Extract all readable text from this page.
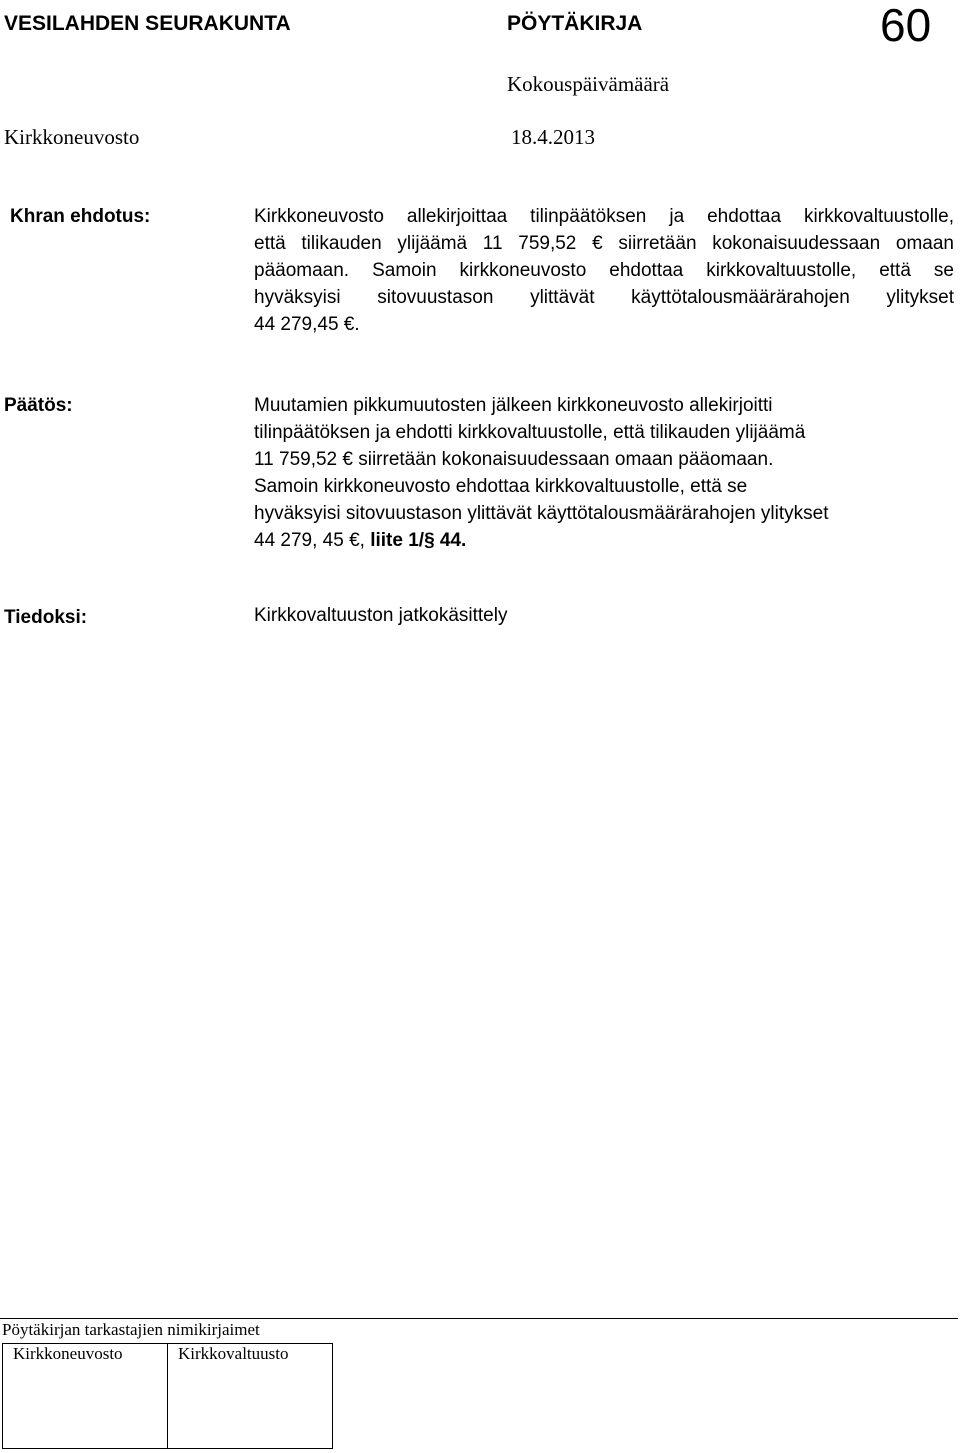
VESILAHDEN SEURAKUNTA	PÖYTÄKIRJA	60
Kokouspäivämäärä
Kirkkoneuvosto	18.4.2013
Khran ehdotus:	Kirkkoneuvosto allekirjoittaa tilinpäätöksen ja ehdottaa kirkkovaltuustolle,
että tilikauden ylijäämä 11 759,52 € siirretään kokonaisuudessaan omaan
pääomaan. Samoin kirkkoneuvosto ehdottaa kirkkovaltuustolle, että se
hyväksyisi sitovuustason ylittävät käyttötalousmäärärahojen ylitykset
44 279,45 €.
Päätös:	Muutamien pikkumuutosten jälkeen kirkkoneuvosto allekirjoitti
tilinpäätöksen ja ehdotti kirkkovaltuustolle, että tilikauden ylijäämä
11 759,52 € siirretään kokonaisuudessaan omaan pääomaan.
Samoin kirkkoneuvosto ehdottaa kirkkovaltuustolle, että se
hyväksyisi sitovuustason ylittävät käyttötalousmäärärahojen ylitykset
44 279, 45 €, liite 1/§ 44.
Tiedoksi:	Kirkkovaltuuston jatkokäsittely
Pöytäkirjan tarkastajien nimikirjaimet
Kirkkoneuvosto	Kirkkovaltuusto
